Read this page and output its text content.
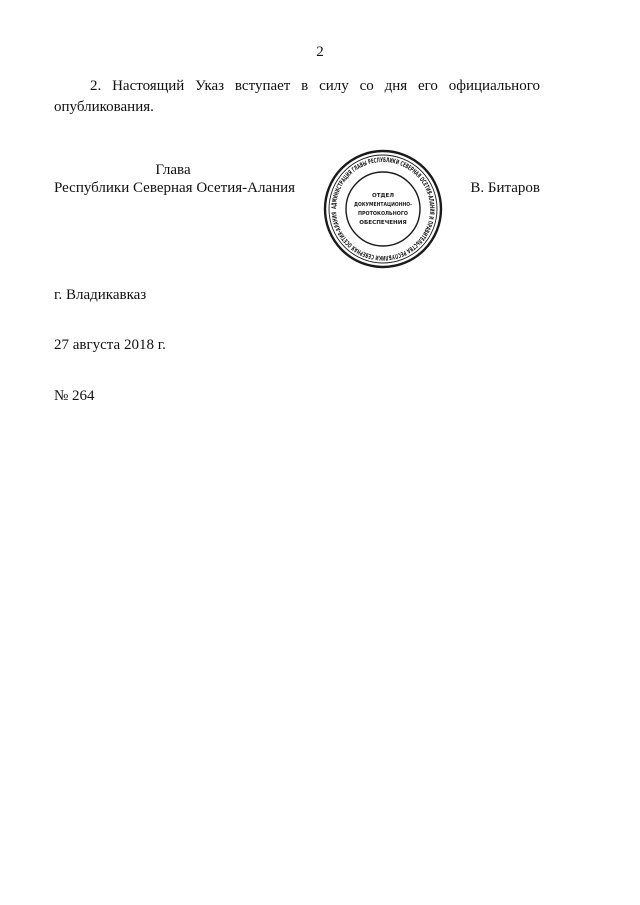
2
2. Настоящий Указ вступает в силу со дня его официального опубликования.
Глава
Республики Северная Осетия-Алания	В. Битаров
АДМИНИСТРАЦИЯ ГЛАВЫ РЕСПУБЛИКИ СЕВЕРНАЯ ОСЕТИЯ-АЛАНИЯ И ПРАВИТЕЛЬСТВА РЕСПУБЛИКИ СЕВЕРНАЯ ОСЕТИЯ-АЛАНИЯ
ОТДЕЛ
ДОКУМЕНТАЦИОННО-
ПРОТОКОЛЬНОГО
ОБЕСПЕЧЕНИЯ
г. Владикавказ
27 августа 2018 г.
№ 264
